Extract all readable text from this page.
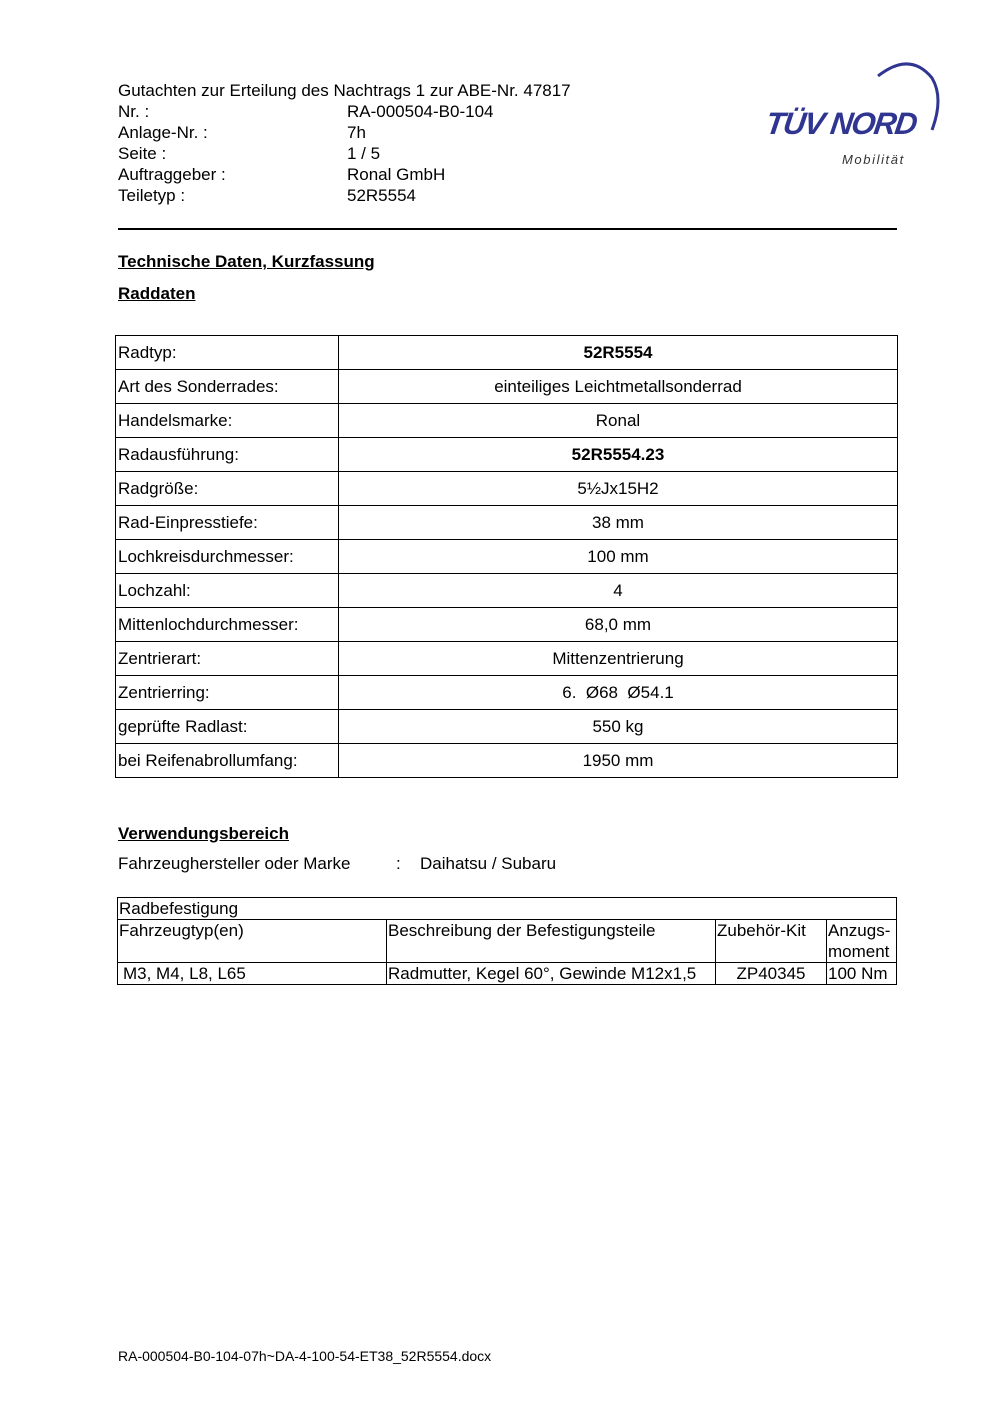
Gutachten zur Erteilung des Nachtrags 1 zur ABE-Nr. 47817
Nr. :	RA-000504-B0-104
Anlage-Nr. :	7h
Seite :	1 / 5
Auftraggeber :	Ronal GmbH
Teiletyp :	52R5554
TÜV NORD
Mobilität
Technische Daten, Kurzfassung
Raddaten
Radtyp:	52R5554
Art des Sonderrades:	einteiliges Leichtmetallsonderrad
Handelsmarke:	Ronal
Radausführung:	52R5554.23
Radgröße:	5½Jx15H2
Rad-Einpresstiefe:	38 mm
Lochkreisdurchmesser:	100 mm
Lochzahl:	4
Mittenlochdurchmesser:	68,0 mm
Zentrierart:	Mittenzentrierung
Zentrierring:	6.  Ø68  Ø54.1
geprüfte Radlast:	550 kg
bei Reifenabrollumfang:	1950 mm
Verwendungsbereich
Fahrzeughersteller oder Marke	:	Daihatsu / Subaru
Radbefestigung			
Fahrzeugtyp(en)	Beschreibung der Befestigungsteile	Zubehör-Kit	Anzugs-moment
M3, M4, L8, L65	Radmutter, Kegel 60°, Gewinde M12x1,5	ZP40345	100 Nm
RA-000504-B0-104-07h~DA-4-100-54-ET38_52R5554.docx
